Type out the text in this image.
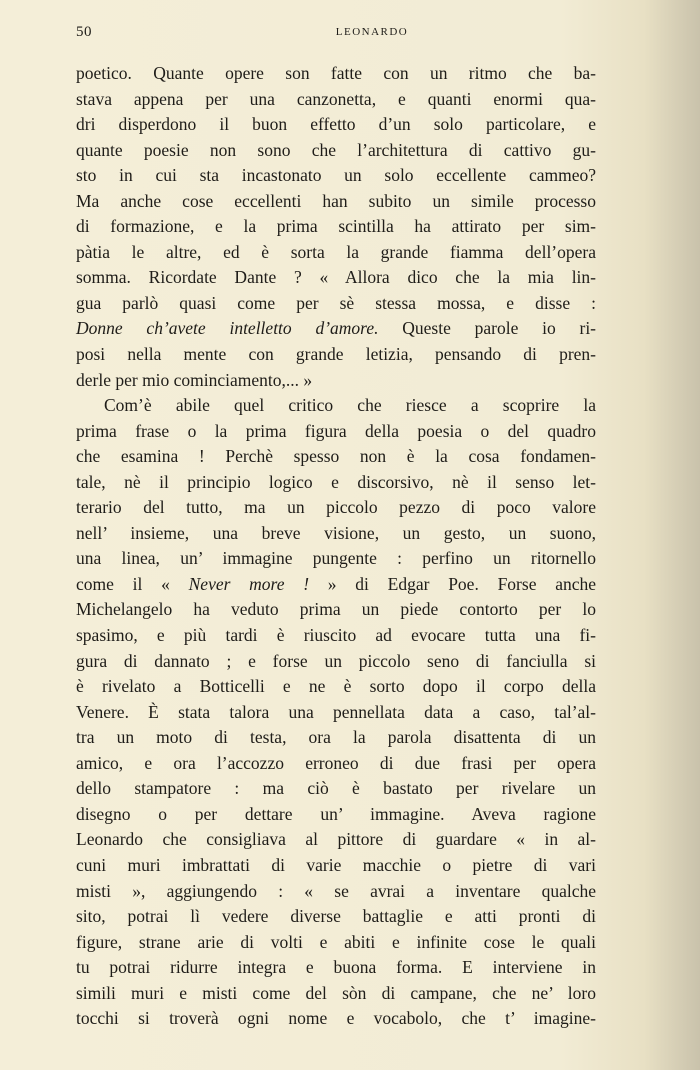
50	LEONARDO
poetico. Quante opere son fatte con un ritmo che ba-
stava appena per una canzonetta, e quanti enormi qua-
dri disperdono il buon effetto d’un solo particolare, e
quante poesie non sono che l’architettura di cattivo gu-
sto in cui sta incastonato un solo eccellente cammeo?
Ma anche cose eccellenti han subito un simile processo
di formazione, e la prima scintilla ha attirato per sim-
pàtia le altre, ed è sorta la grande fiamma dell’opera
somma. Ricordate Dante ? « Allora dico che la mia lin-
gua parlò quasi come per sè stessa mossa, e disse :
Donne ch’avete intelletto d’amore. Queste parole io ri-
posi nella mente con grande letizia, pensando di pren-
derle per mio cominciamento,... »
Com’è abile quel critico che riesce a scoprire la
prima frase o la prima figura della poesia o del quadro
che esamina ! Perchè spesso non è la cosa fondamen-
tale, nè il principio logico e discorsivo, nè il senso let-
terario del tutto, ma un piccolo pezzo di poco valore
nell’ insieme, una breve visione, un gesto, un suono,
una linea, un’ immagine pungente : perfino un ritornello
come il « Never more ! » di Edgar Poe. Forse anche
Michelangelo ha veduto prima un piede contorto per lo
spasimo, e più tardi è riuscito ad evocare tutta una fi-
gura di dannato ; e forse un piccolo seno di fanciulla si
è rivelato a Botticelli e ne è sorto dopo il corpo della
Venere. È stata talora una pennellata data a caso, tal’al-
tra un moto di testa, ora la parola disattenta di un
amico, e ora l’accozzo erroneo di due frasi per opera
dello stampatore : ma ciò è bastato per rivelare un
disegno o per dettare un’ immagine. Aveva ragione
Leonardo che consigliava al pittore di guardare « in al-
cuni muri imbrattati di varie macchie o pietre di vari
misti », aggiungendo : « se avrai a inventare qualche
sito, potrai lì vedere diverse battaglie e atti pronti di
figure, strane arie di volti e abiti e infinite cose le quali
tu potrai ridurre integra e buona forma. E interviene in
simili muri e misti come del sòn di campane, che ne’ loro
tocchi si troverà ogni nome e vocabolo, che t’ imagine-
